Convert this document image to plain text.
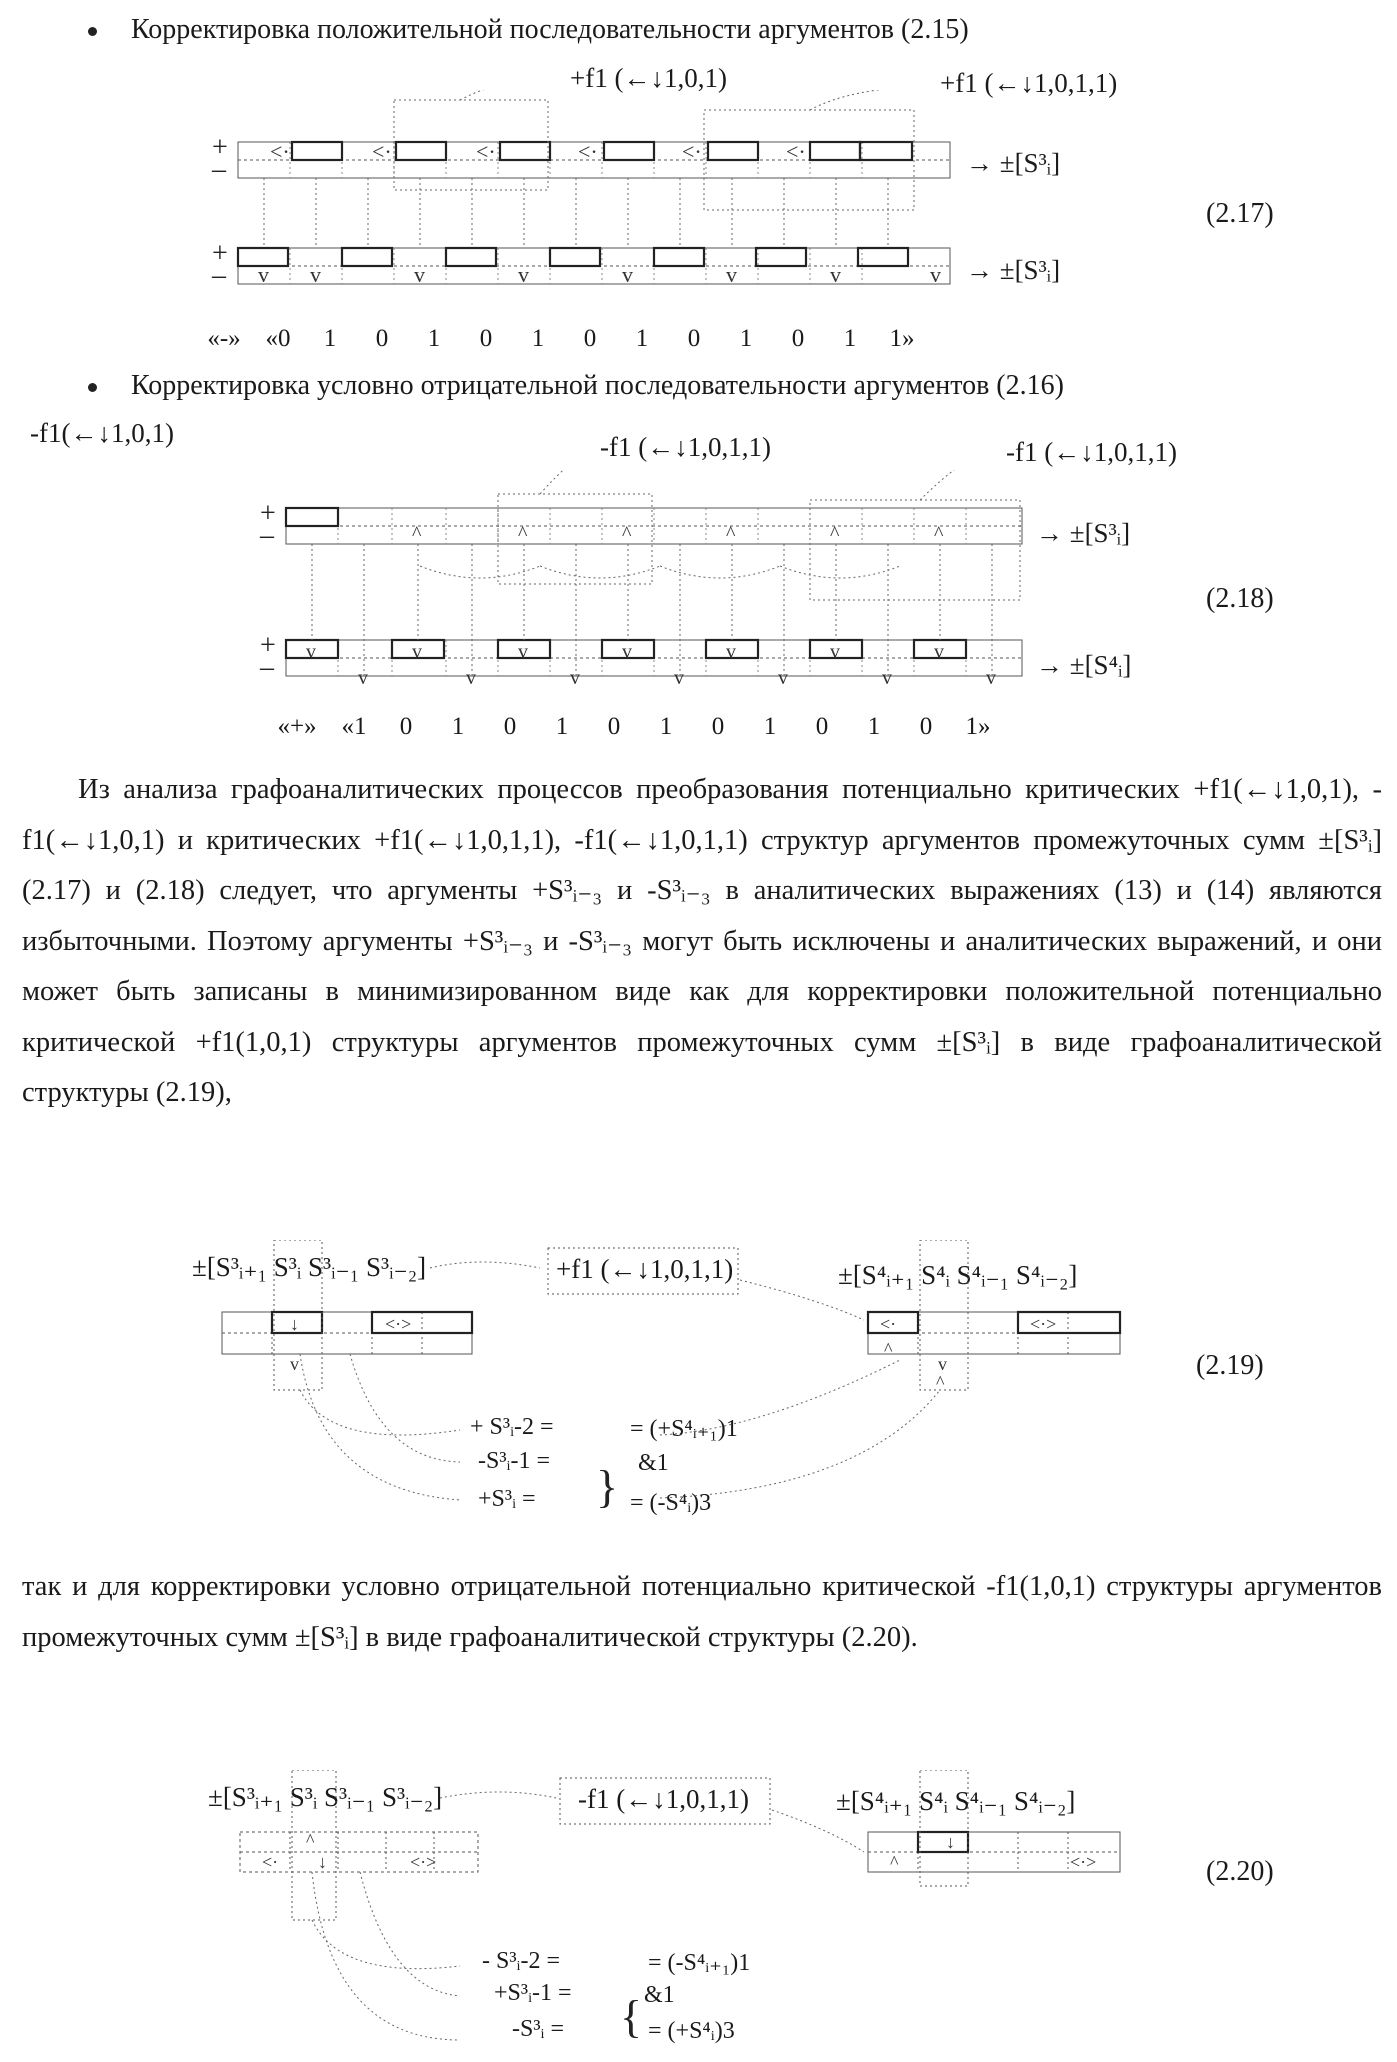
Корректировка положительной последовательности аргументов (2.15)
+f1 (←↓1,0,1)	+f1 (←↓1,0,1,1)
<·	<·	<·	<·	<·	<·
v v	v	v	v	v	v	v
+
–
+
–
→ ±[S³ᵢ]
→ ±[S³ᵢ]
(2.17)
«-» «0 1 0 1 0 1 0 1 0 1 0 1 1»
Корректировка условно отрицательной последовательности аргументов (2.16)
-f1(←↓1,0,1)	-f1 (←↓1,0,1,1)	-f1 (←↓1,0,1,1)
^	^	^	^	^	^
v	v	v	v	v	v	v
v	v	v	v	v	v	v
+
–
+
–
→ ±[S³ᵢ]
→ ±[S⁴ᵢ]
(2.18)
«+» «1 0 1 0 1 0 1 0 1 0 1 0 1»

Из анализа графоаналитических процессов преобразования потенциально критических +f1(←↓1,0,1), -f1(←↓1,0,1) и критических +f1(←↓1,0,1,1), -f1(←↓1,0,1,1) структур аргументов промежуточных сумм ±[S³ᵢ] (2.17) и (2.18) следует, что аргументы +S³ᵢ₋₃ и -S³ᵢ₋₃ в аналитических выражениях (13) и (14) являются избыточными. Поэтому аргументы +S³ᵢ₋₃ и -S³ᵢ₋₃ могут быть исключены и аналитических выражений, и они может быть записаны в минимизированном виде как для корректировки положительной потенциально критической +f1(1,0,1) структуры аргументов промежуточных сумм ±[S³ᵢ] в виде графоаналитической структуры (2.19),

±[S³ᵢ₊₁ S³ᵢ S³ᵢ₋₁ S³ᵢ₋₂]	+f1 (←↓1,0,1,1)	±[S⁴ᵢ₊₁ S⁴ᵢ S⁴ᵢ₋₁ S⁴ᵢ₋₂]
v	v
^
^
↓	<·>	<·	<·>
}
(2.19)
+ S³ᵢ-2 =
-S³ᵢ-1 =
+S³ᵢ =
= (+S⁴ᵢ₊₁)1
&1
= (-S⁴ᵢ)3

так и для корректировки условно отрицательной потенциально критической -f1(1,0,1) структуры аргументов промежуточных сумм ±[S³ᵢ] в виде графоаналитической структуры (2.20).

±[S³ᵢ₊₁ S³ᵢ S³ᵢ₋₁ S³ᵢ₋₂]	-f1 (←↓1,0,1,1)	±[S⁴ᵢ₊₁ S⁴ᵢ S⁴ᵢ₋₁ S⁴ᵢ₋₂]
^
↓
<·	<·>	^	<·>
↓
{
(2.20)
- S³ᵢ-2 =
+S³ᵢ-1 =
-S³ᵢ =
= (-S⁴ᵢ₊₁)1
&1
= (+S⁴ᵢ)3
